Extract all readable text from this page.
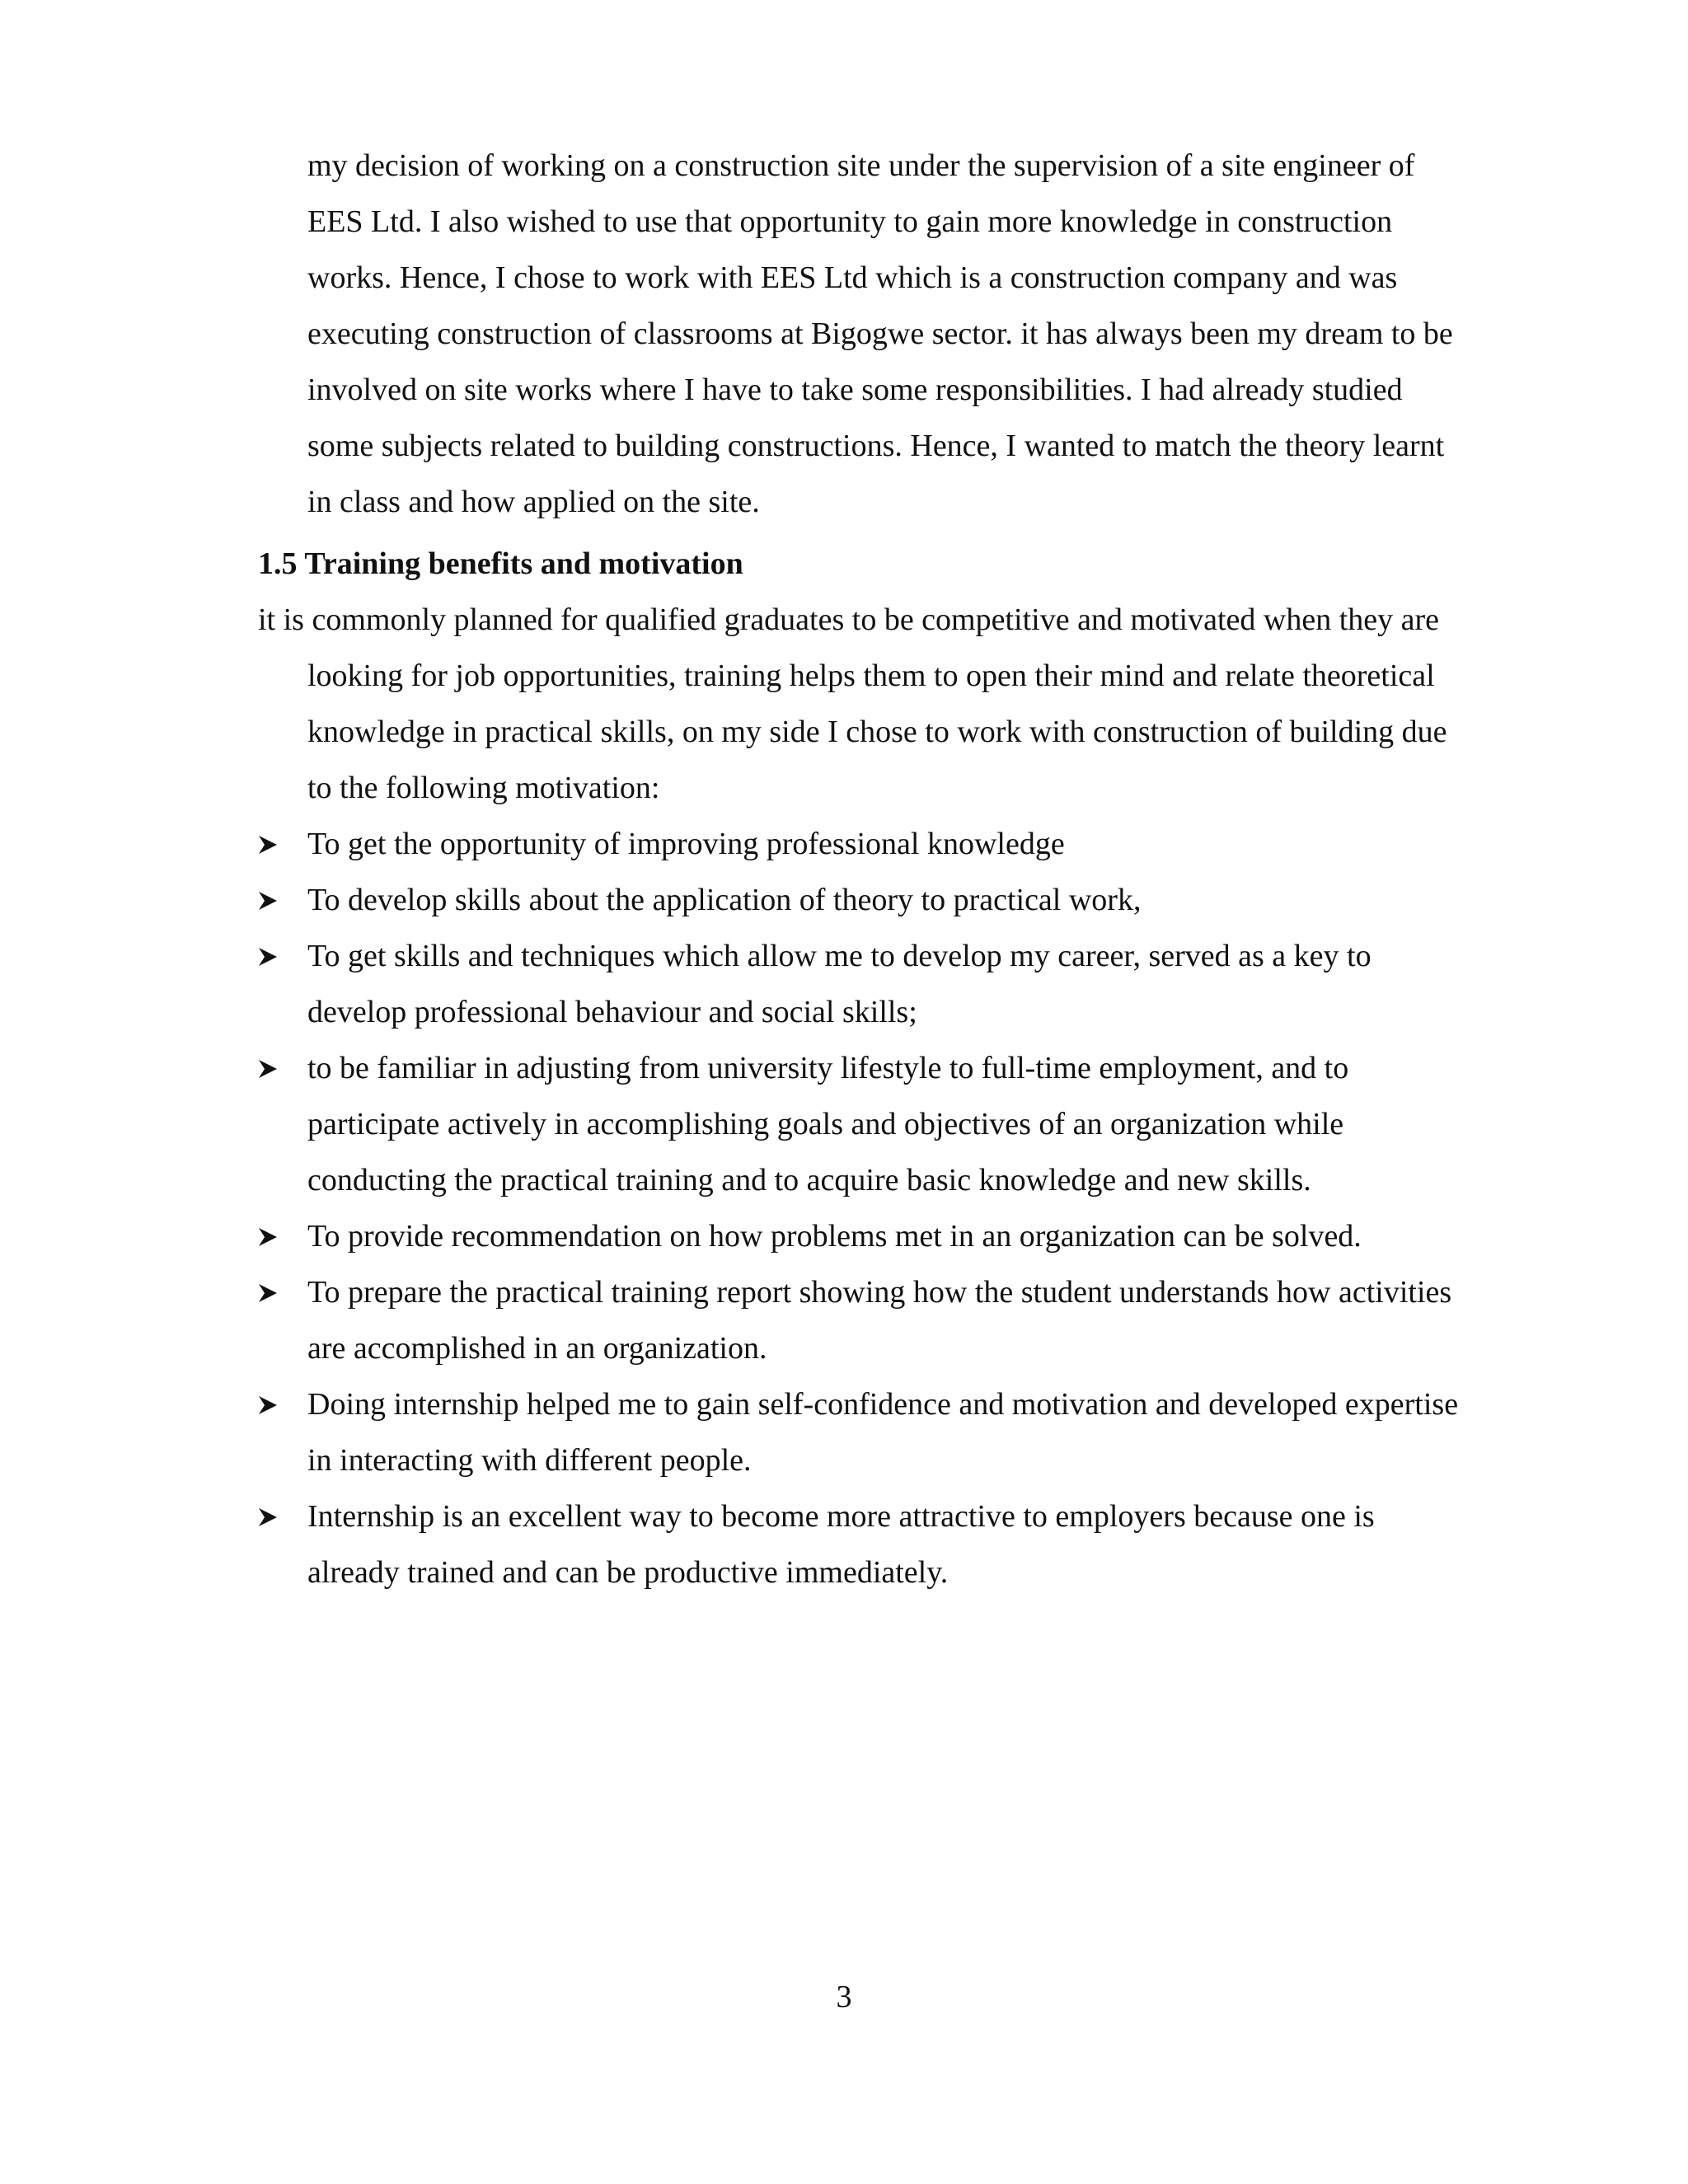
my decision of working on a construction site under the supervision of a site engineer of
EES Ltd. I also wished to use that opportunity to gain more knowledge in construction
works. Hence, I chose to work with EES Ltd which is a construction company and was
executing construction of classrooms at Bigogwe sector. it has always been my dream to be
involved on site works where I have to take some responsibilities. I had already studied
some subjects related to building constructions. Hence, I wanted to match the theory learnt
in class and how applied on the site.
1.5 Training benefits and motivation
it is commonly planned for qualified graduates to be competitive and motivated when they are
looking for job opportunities, training helps them to open their mind and relate theoretical
knowledge in practical skills, on my side I chose to work with construction of building due
to the following motivation:
To get the opportunity of improving professional knowledge
To develop skills about the application of theory to practical work,
To get skills and techniques which allow me to develop my career, served as a key to
develop professional behaviour and social skills;
to be familiar in adjusting from university lifestyle to full-time employment, and to
participate actively in accomplishing goals and objectives of an organization while
conducting the practical training and to acquire basic knowledge and new skills.
To provide recommendation on how problems met in an organization can be solved.
To prepare the practical training report showing how the student understands how activities
are accomplished in an organization.
Doing internship helped me to gain self-confidence and motivation and developed expertise
in interacting with different people.
Internship is an excellent way to become more attractive to employers because one is
already trained and can be productive immediately.
3
